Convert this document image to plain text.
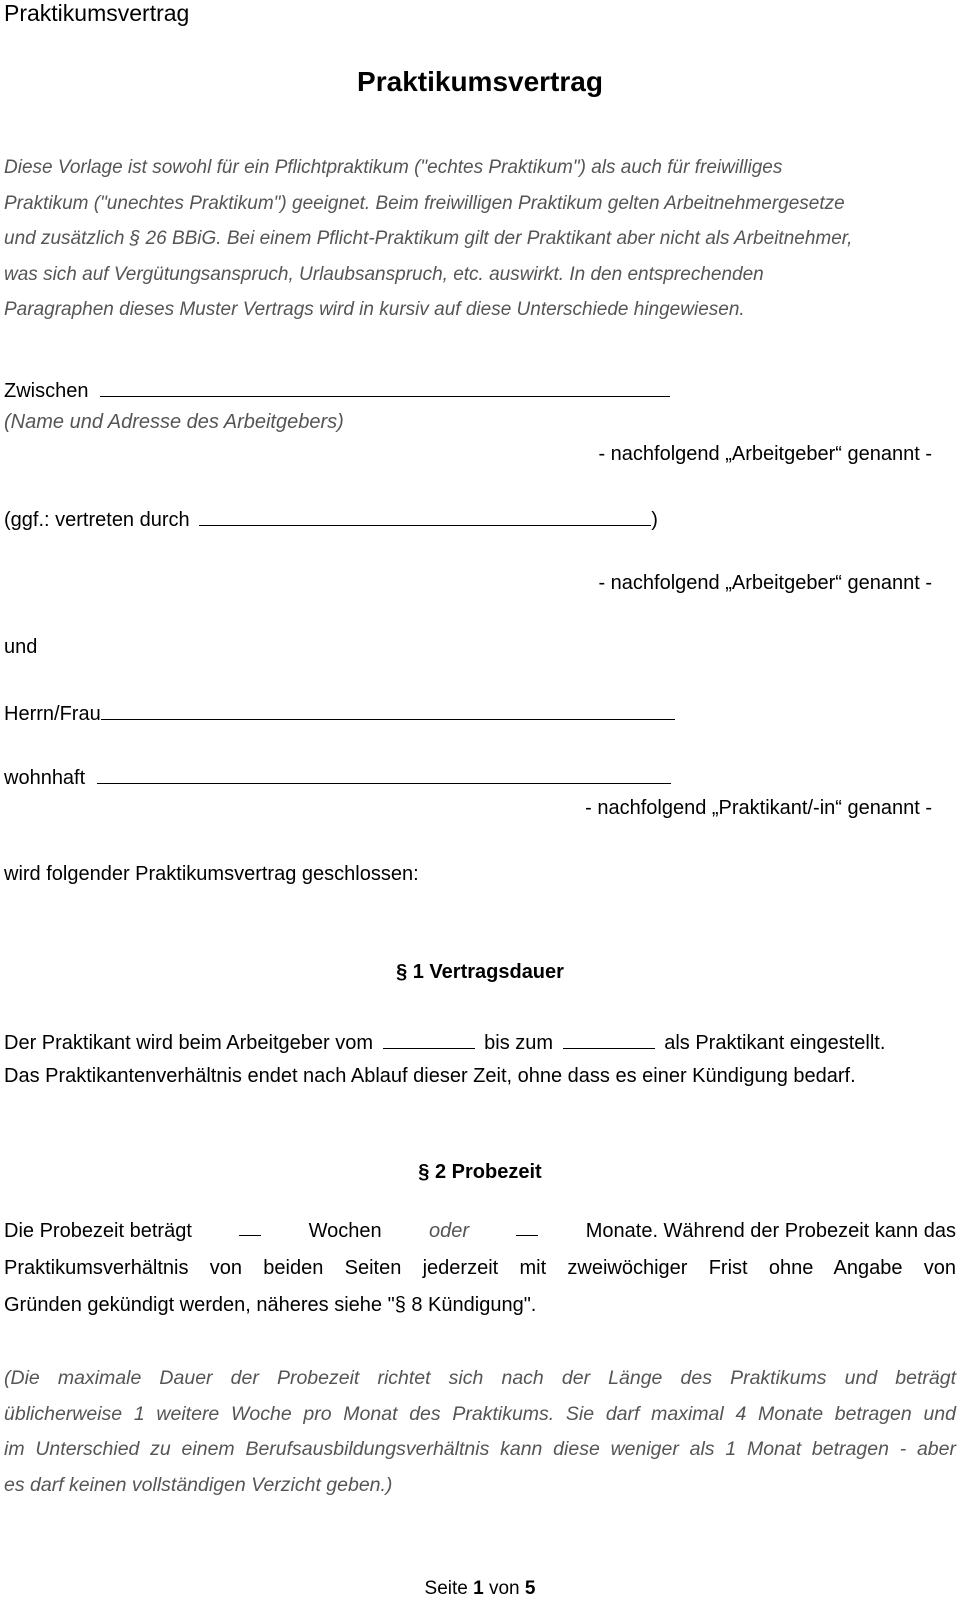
Praktikumsvertrag
Praktikumsvertrag
Diese Vorlage ist sowohl für ein Pflichtpraktikum ("echtes Praktikum") als auch für freiwilliges
Praktikum ("unechtes Praktikum") geeignet. Beim freiwilligen Praktikum gelten Arbeitnehmergesetze
und zusätzlich § 26 BBiG. Bei einem Pflicht-Praktikum gilt der Praktikant aber nicht als Arbeitnehmer,
was sich auf Vergütungsanspruch, Urlaubsanspruch, etc. auswirkt. In den entsprechenden
Paragraphen dieses Muster Vertrags wird in kursiv auf diese Unterschiede hingewiesen.
Zwischen
(Name und Adresse des Arbeitgebers)
- nachfolgend „Arbeitgeber“ genannt -
(ggf.: vertreten durch	)
- nachfolgend „Arbeitgeber“ genannt -
und
Herrn/Frau
wohnhaft
- nachfolgend „Praktikant/-in“ genannt -
wird folgender Praktikumsvertrag geschlossen:
§ 1 Vertragsdauer
Der Praktikant wird beim Arbeitgeber vom	bis zum	als Praktikant eingestellt.
Das Praktikantenverhältnis endet nach Ablauf dieser Zeit, ohne dass es einer Kündigung bedarf.
§ 2 Probezeit
Die Probezeit beträgt	Wochen oder	Monate. Während der Probezeit kann das
Praktikumsverhältnis von beiden Seiten jederzeit mit zweiwöchiger Frist ohne Angabe von
Gründen gekündigt werden, näheres siehe "§ 8 Kündigung".
(Die maximale Dauer der Probezeit richtet sich nach der Länge des Praktikums und beträgt
üblicherweise 1 weitere Woche pro Monat des Praktikums. Sie darf maximal 4 Monate betragen und
im Unterschied zu einem Berufsausbildungsverhältnis kann diese weniger als 1 Monat betragen - aber
es darf keinen vollständigen Verzicht geben.)
Seite 1 von 5
